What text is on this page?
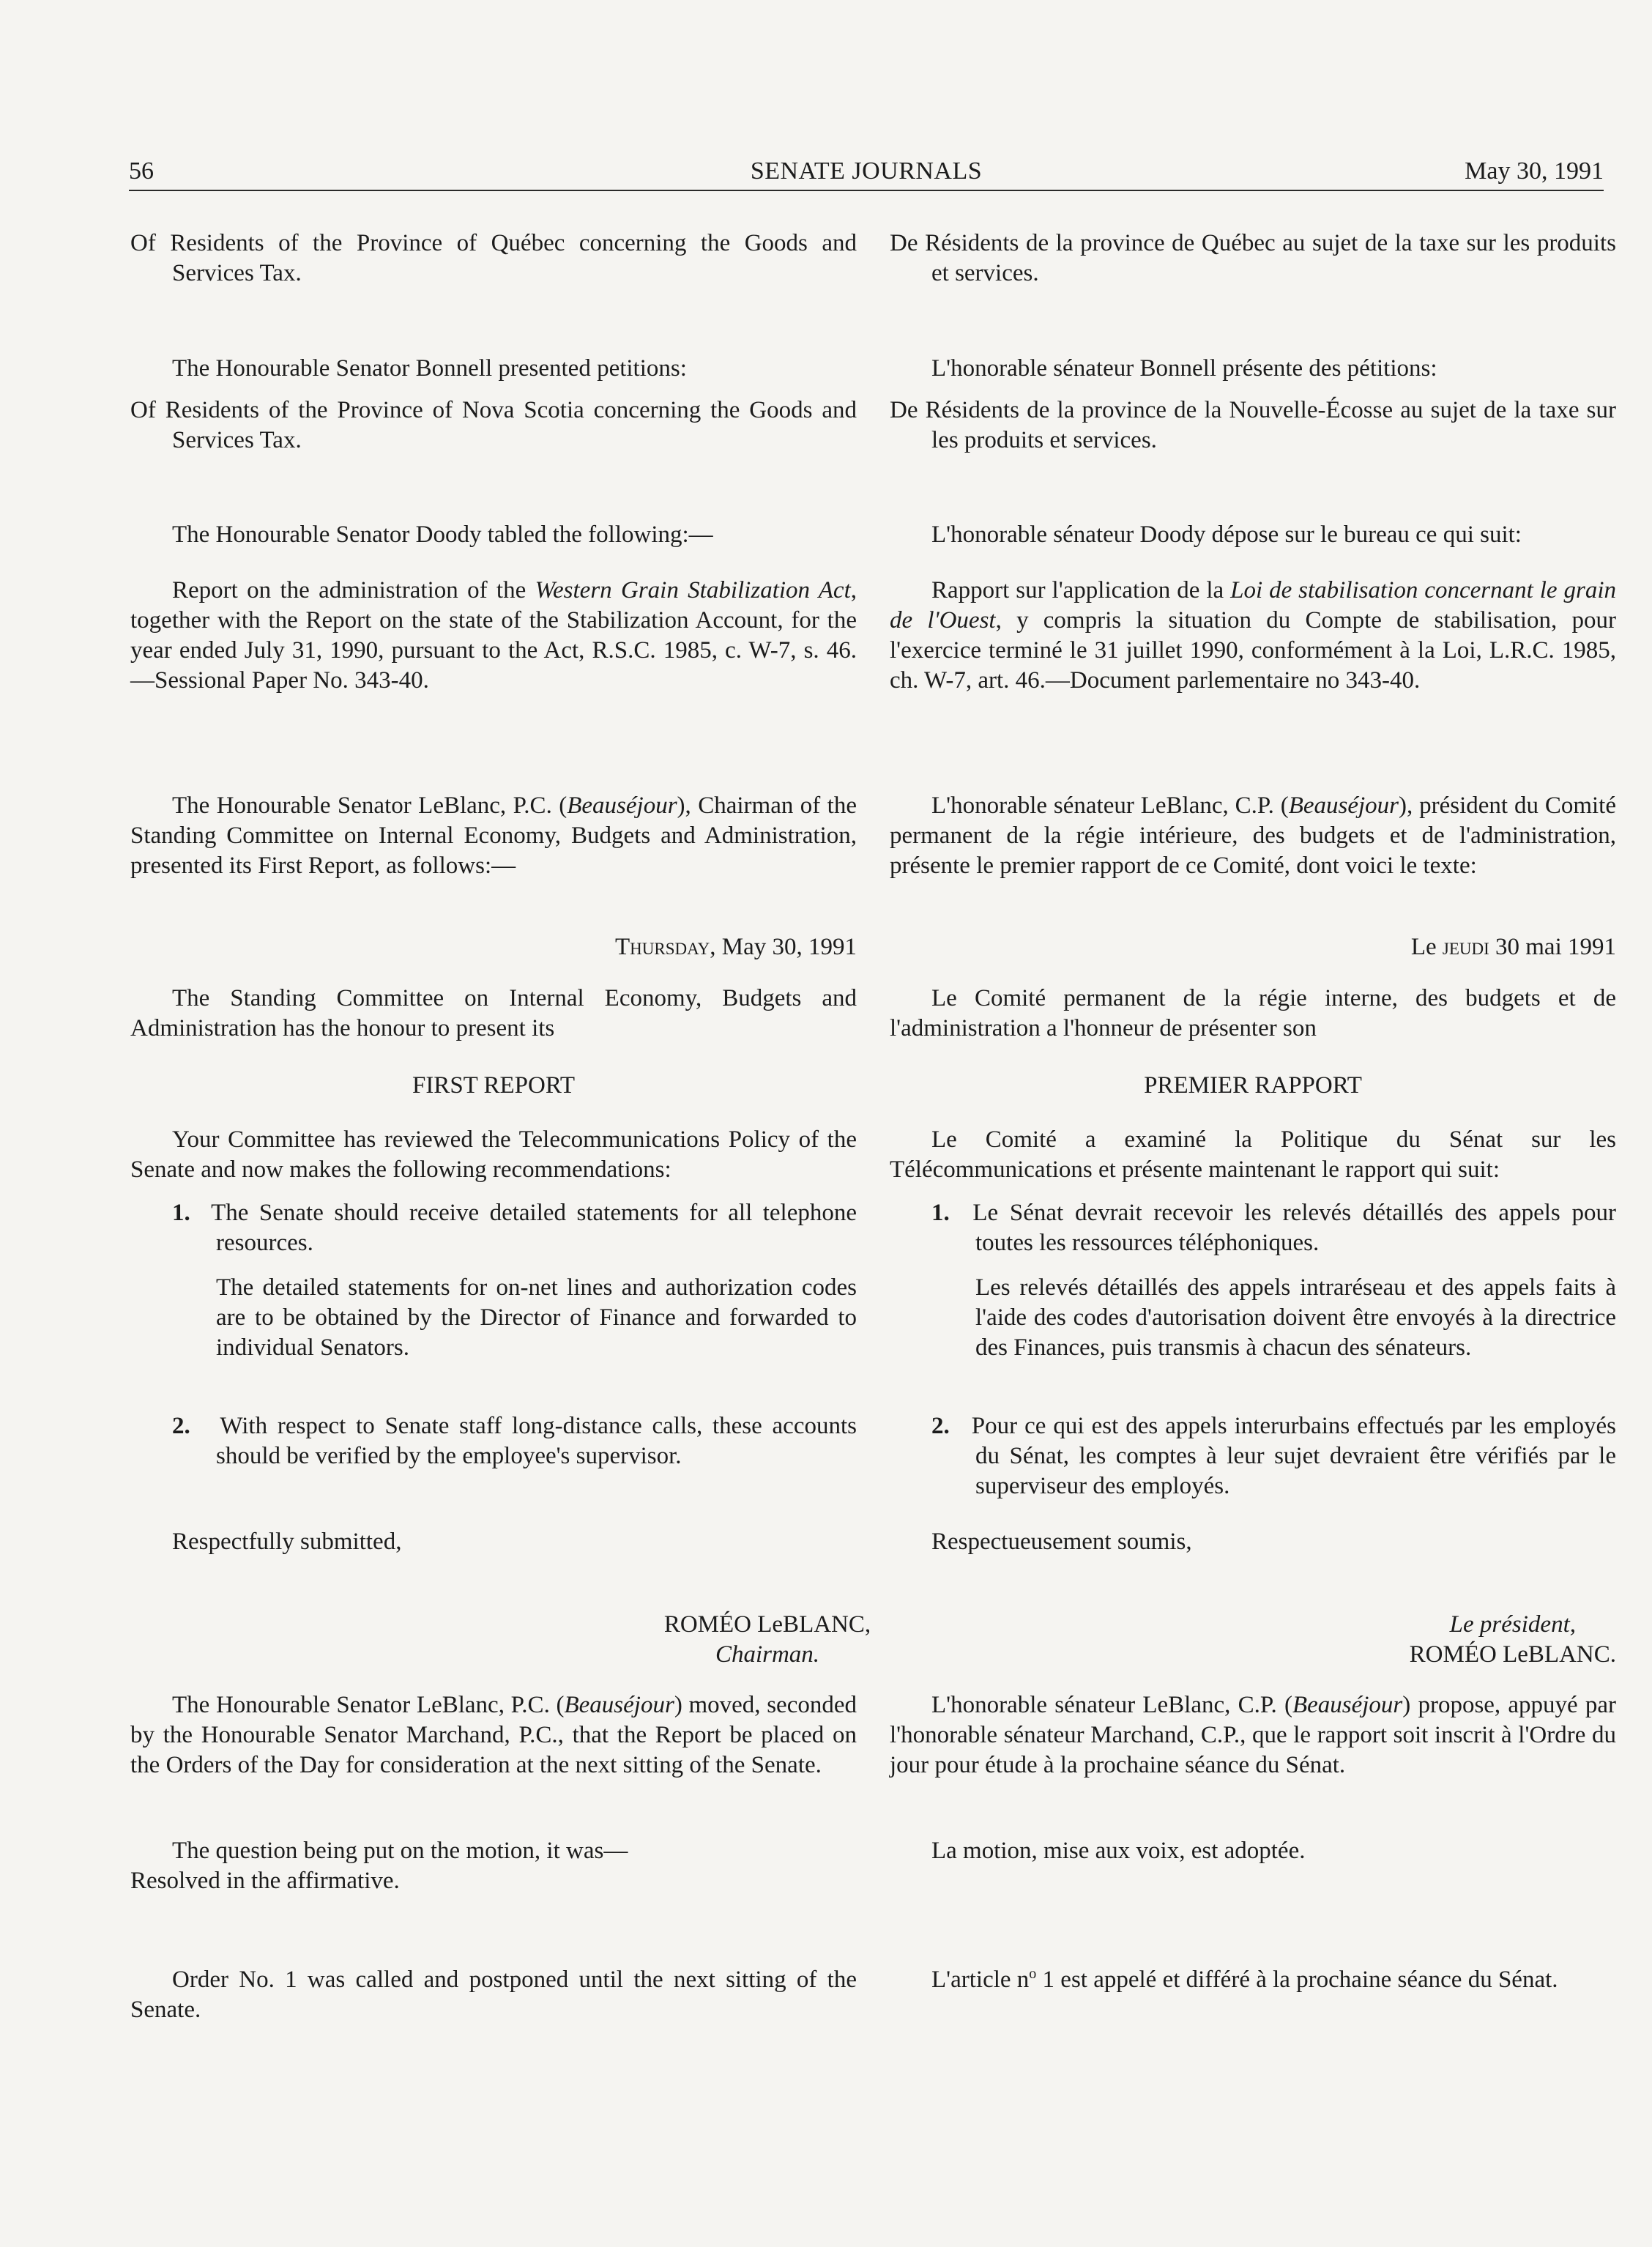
56	SENATE JOURNALS	May 30, 1991

Of Residents of the Province of Québec concerning the Goods and Services Tax.

The Honourable Senator Bonnell presented petitions:

Of Residents of the Province of Nova Scotia concerning the Goods and Services Tax.

The Honourable Senator Doody tabled the following:—

Report on the administration of the Western Grain Stabilization Act, together with the Report on the state of the Stabilization Account, for the year ended July 31, 1990, pursuant to the Act, R.S.C. 1985, c. W-7, s. 46.—Sessional Paper No. 343-40.

The Honourable Senator LeBlanc, P.C. (Beauséjour), Chairman of the Standing Committee on Internal Economy, Budgets and Administration, presented its First Report, as follows:—

Thursday, May 30, 1991

The Standing Committee on Internal Economy, Budgets and Administration has the honour to present its

FIRST REPORT

Your Committee has reviewed the Telecommunications Policy of the Senate and now makes the following recommendations:

1. The Senate should receive detailed statements for all telephone resources.

The detailed statements for on-net lines and authorization codes are to be obtained by the Director of Finance and forwarded to individual Senators.

2. With respect to Senate staff long-distance calls, these accounts should be verified by the employee's supervisor.

Respectfully submitted,

ROMÉO LeBLANC,
Chairman.

The Honourable Senator LeBlanc, P.C. (Beauséjour) moved, seconded by the Honourable Senator Marchand, P.C., that the Report be placed on the Orders of the Day for consideration at the next sitting of the Senate.

The question being put on the motion, it was—
Resolved in the affirmative.

Order No. 1 was called and postponed until the next sitting of the Senate.

De Résidents de la province de Québec au sujet de la taxe sur les produits et services.

L'honorable sénateur Bonnell présente des pétitions:

De Résidents de la province de la Nouvelle-Écosse au sujet de la taxe sur les produits et services.

L'honorable sénateur Doody dépose sur le bureau ce qui suit:

Rapport sur l'application de la Loi de stabilisation concernant le grain de l'Ouest, y compris la situation du Compte de stabilisation, pour l'exercice terminé le 31 juillet 1990, conformément à la Loi, L.R.C. 1985, ch. W-7, art. 46.—Document parlementaire no 343-40.

L'honorable sénateur LeBlanc, C.P. (Beauséjour), président du Comité permanent de la régie intérieure, des budgets et de l'administration, présente le premier rapport de ce Comité, dont voici le texte:

Le jeudi 30 mai 1991

Le Comité permanent de la régie interne, des budgets et de l'administration a l'honneur de présenter son

PREMIER RAPPORT

Le Comité a examiné la Politique du Sénat sur les Télécommunications et présente maintenant le rapport qui suit:

1. Le Sénat devrait recevoir les relevés détaillés des appels pour toutes les ressources téléphoniques.

Les relevés détaillés des appels intraréseau et des appels faits à l'aide des codes d'autorisation doivent être envoyés à la directrice des Finances, puis transmis à chacun des sénateurs.

2. Pour ce qui est des appels interurbains effectués par les employés du Sénat, les comptes à leur sujet devraient être vérifiés par le superviseur des employés.

Respectueusement soumis,

Le président,
ROMÉO LeBLANC.

L'honorable sénateur LeBlanc, C.P. (Beauséjour) propose, appuyé par l'honorable sénateur Marchand, C.P., que le rapport soit inscrit à l'Ordre du jour pour étude à la prochaine séance du Sénat.

La motion, mise aux voix, est adoptée.

L'article $n^o$ 1 est appelé et différé à la prochaine séance du Sénat.
